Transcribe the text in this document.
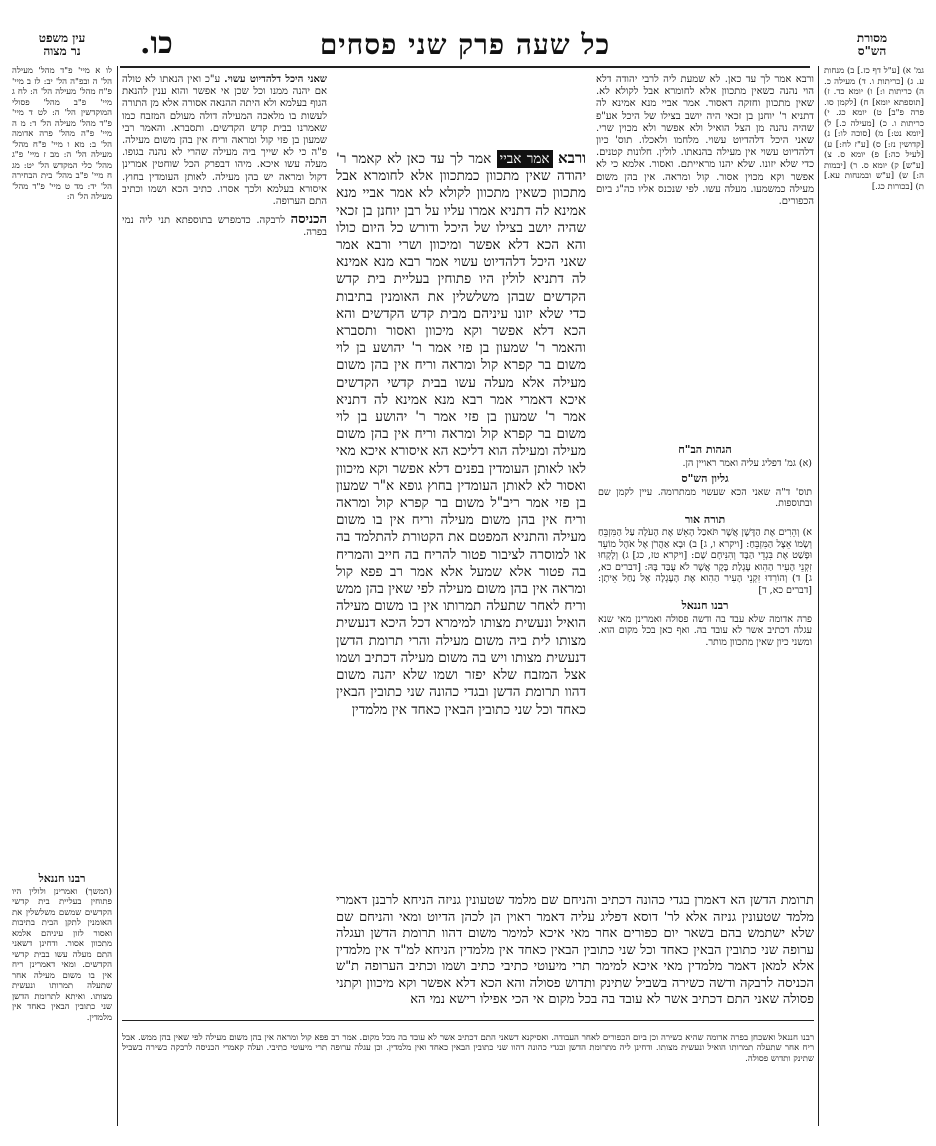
כל שעה פרק שני פסחים
כו.
עין משפט
נר מצוה
מסורת
הש"ס

גמ' א) [ע"ל דף כז.] ב) מנחות ע. ג) [כריתות ו. ד) מעילה כ. ה) כריתות ו:] ו) יומא כד. ז) [תוספתא יומא] ח) [לקמן סו. פרה פ"ב] ט) יומא כג. י) כריתות ו. כ) [מעילה כ.] ל) [יומא נט:] מ) [סוכה לו:] נ) [קדושין נז:] ס) [ע"ז לח:] ע) [לעיל כה:] פ) יומא ס. צ) [ע"ש] ק) יומא ס. ר) [יבמות ה:] ש) [ע"ש ובמנחות עא.] ת) [בכורות כג.]

לו א מיי' פ"ד מהל' מעילה הל' ה ובפ"ה הל' יב: לז ב מיי' פ"ח מהל' מעילה הל' ה: לח ג מיי' פ"ב מהל' פסולי המוקדשין הל' ה: לט ד מיי' פ"ד מהל' מעילה הל' ד: מ ה מיי' פ"ה מהל' פרה אדומה הל' ב: מא ו מיי' פ"ח מהל' מעילה הל' ה: מב ז מיי' פ"ג מהל' כלי המקדש הל' יט: מג ח מיי' פ"ב מהל' בית הבחירה הל' יד: מד ט מיי' פ"ד מהל' מעילה הל' ה:

רבנו חננאל

(המשך) ואמרינן ולולין היו פתוחין בעליית בית קדשי הקדשים שמשם משלשלין את האומנין לתקן הבית בתיבות ואסור לזון עיניהם אלמא מתכוון אסור. ודחינן דשאני התם מעלה עשו בבית קדשי הקדשים. ומאי דאמרינן ריח אין בו משום מעילה אחר שתעלה תמרותו ונעשית מצותו. ואיתא לתרומת הדשן שני כתובין הבאין כאחד אין מלמדין.

שאני היכל דלהדיוט עשוי. ע"כ ואין הנאתו לא טולה אם יהנה ממנו וכל שכן אי אפשר והוא ענין להנאת הגוף בעלמא ולא היתה ההנאה אסורה אלא מן התורה לעשות בו מלאכה המעילה דולה מעולם המזבח כמו שאמרנו בבית קדש הקדשים. ותסברא. והאמר רבי שמעון בן פזי קול ומראה וריח אין בהן משום מעילה. פ"ה כי לא שייך ביה מעילה שהרי לא נהנה בגופו. מעלה עשו איכא. מיהו דבפרק הכל שוחטין אמרינן דקול ומראה יש בהן מעילה. לאותן העומדין בחוץ. איסורא בעלמא ולכך אסרו. כתיב הכא ושמו וכתיב התם הערופה.

הכניסה לרבקה. כדמפרש בתוספתא תני ליה נמי בפרה.

ורבא אמר אביי אמר לך עד כאן לא קאמר ר' יהודה שאין מתכוון כמתכוון אלא לחומרא אבל מתכוון כשאין מתכוון לקולא לא אמר אביי מנא אמינא לה דתניא אמרו עליו על רבן יוחנן בן זכאי שהיה יושב בצילו של היכל ודורש כל היום כולו והא הכא דלא אפשר ומיכוון ושרי ורבא אמר שאני היכל דלהדיוט עשוי אמר רבא מנא אמינא לה דתניא לולין היו פתוחין בעליית בית קדש הקדשים שבהן משלשלין את האומנין בתיבות כדי שלא יזונו עיניהם מבית קדש הקדשים והא הכא דלא אפשר וקא מיכוון ואסור ותסברא והאמר ר' שמעון בן פזי אמר ר' יהושע בן לוי משום בר קפרא קול ומראה וריח אין בהן משום מעילה אלא מעלה עשו בבית קדשי הקדשים איכא דאמרי אמר רבא מנא אמינא לה דתניא אמר ר' שמעון בן פזי אמר ר' יהושע בן לוי משום בר קפרא קול ומראה וריח אין בהן משום מעילה ומעילה הוא דליכא הא איסורא איכא מאי לאו לאותן העומדין בפנים דלא אפשר וקא מיכוון ואסור לא לאותן העומדין בחוץ גופא א"ר שמעון בן פזי אמר ריב"ל משום בר קפרא קול ומראה וריח אין בהן משום מעילה וריח אין בו משום מעילה והתניא המפטם את הקטורת להתלמד בה או למוסרה לציבור פטור להריח בה חייב והמריח בה פטור אלא שמעל אלא אמר רב פפא קול ומראה אין בהן משום מעילה לפי שאין בהן ממש וריח לאחר שתעלה תמרותו אין בו משום מעילה הואיל ונעשית מצותו למימרא דכל היכא דנעשית מצותו לית ביה משום מעילה והרי תרומת הדשן דנעשית מצותו ויש בה משום מעילה דכתיב ושמו אצל המזבח שלא יפזר ושמו שלא יהנה משום דהוו תרומת הדשן ובגדי כהונה שני כתובין הבאין כאחד וכל שני כתובין הבאין כאחד אין מלמדין

ורבא אמר לך עד כאן. לא שמעת ליה לרבי יהודה דלא הוי נהנה כשאין מתכוון אלא לחומרא אבל לקולא לא. שאין מתכוון וחזקה דאסור. אמר אביי מנא אמינא לה דתניא ר' יוחנן בן זכאי היה יושב בצילו של היכל אע"פ שהיה נהנה מן הצל הואיל ולא אפשר ולא מכוין שרי. שאני היכל דלהדיוט עשוי. מלחמו ולאכלו. תוס' כיון דלהדיוט עשוי אין מעילה בהנאתו. לולין. חלונות קטנים. כדי שלא יזונו. שלא יהנו מראייתם. ואסור. אלמא כי לא אפשר וקא מכוין אסור. קול ומראה. אין בהן משום מעילה כמשמעו. מעלה עשו. לפי שנכנס אליו כה"ג ביום הכפורים.

הגהות הב"ח

(א) גמ' דפליג עליה ואמר ראויין הן.

גליון הש"ס

תוס' ד"ה שאני הכא שעשוי ממתרומה. עיין לקמן שם ובתוספות.

תורה אור

א) וְהֵרִים אֶת הַדֶּשֶׁן אֲשֶׁר תֹּאכַל הָאֵשׁ אֶת הָעֹלָה עַל הַמִּזְבֵּחַ וְשָׂמוֹ אֵצֶל הַמִּזְבֵּחַ: [ויקרא ו, ג] ב) וּבָא אַהֲרֹן אֶל אֹהֶל מוֹעֵד וּפָשַׁט אֶת בִּגְדֵי הַבָּד וְהִנִּיחָם שָׁם: [ויקרא טז, כג] ג) וְלָקְחוּ זִקְנֵי הָעִיר הַהִוא עֶגְלַת בָּקָר אֲשֶׁר לֹא עֻבַּד בָּהּ: [דברים כא, ג] ד) וְהוֹרִדוּ זִקְנֵי הָעִיר הַהִוא אֶת הָעֶגְלָה אֶל נַחַל אֵיתָן: [דברים כא, ד]

רבנו חננאל

פרה אדומה שלא עבד בה ודשה פסולה ואמרינן מאי שנא עגלה דכתיב אשר לא עובד בה. ואף כאן בכל מקום הוא. ומשני כיון שאין מתכוון מותר.

תרומת הדשן הא דאמרן בגדי כהונה דכתיב והניחם שם מלמד שטעונין גניזה הניחא לרבנן דאמרי מלמד שטעונין גניזה אלא לר' דוסא דפליג עליה דאמר ראוין הן לכהן הדיוט ומאי והניחם שם שלא ישתמש בהם בשאר יום כפורים אחר מאי איכא למימר משום דהוו תרומת הדשן ועגלה ערופה שני כתובין הבאין כאחד וכל שני כתובין הבאין כאחד אין מלמדין הניחא למ"ד אין מלמדין אלא למאן דאמר מלמדין מאי איכא למימר תרי מיעוטי כתיבי כתיב ושמו וכתיב הערופה ת"ש הכניסה לרבקה ודשה כשירה בשביל שתינק ותדוש פסולה והא הכא דלא אפשר וקא מיכוון וקתני פסולה שאני התם דכתיב אשר לא עובד בה בכל מקום אי הכי אפילו רישא נמי הא

רבנו חננאל ואשכחן בפרה אדומה שהיא כשירה וכן ביום הכפורים לאחר העבודה. ואסיקנא דשאני התם דכתיב אשר לא עובד בה מכל מקום. אמר רב פפא קול ומראה אין בהן משום מעילה לפי שאין בהן ממש. אבל ריח אחר שתעלה תמרותו הואיל ונעשית מצותו. ודחינן ליה מתרומת הדשן ובגדי כהונה דהוו שני כתובין הבאין כאחד ואין מלמדין. וכן עגלה ערופה תרי מיעוטי כתיבי. ועלה קאמרי הכניסה לרבקה כשירה בשביל שתינק ותדוש פסולה.
